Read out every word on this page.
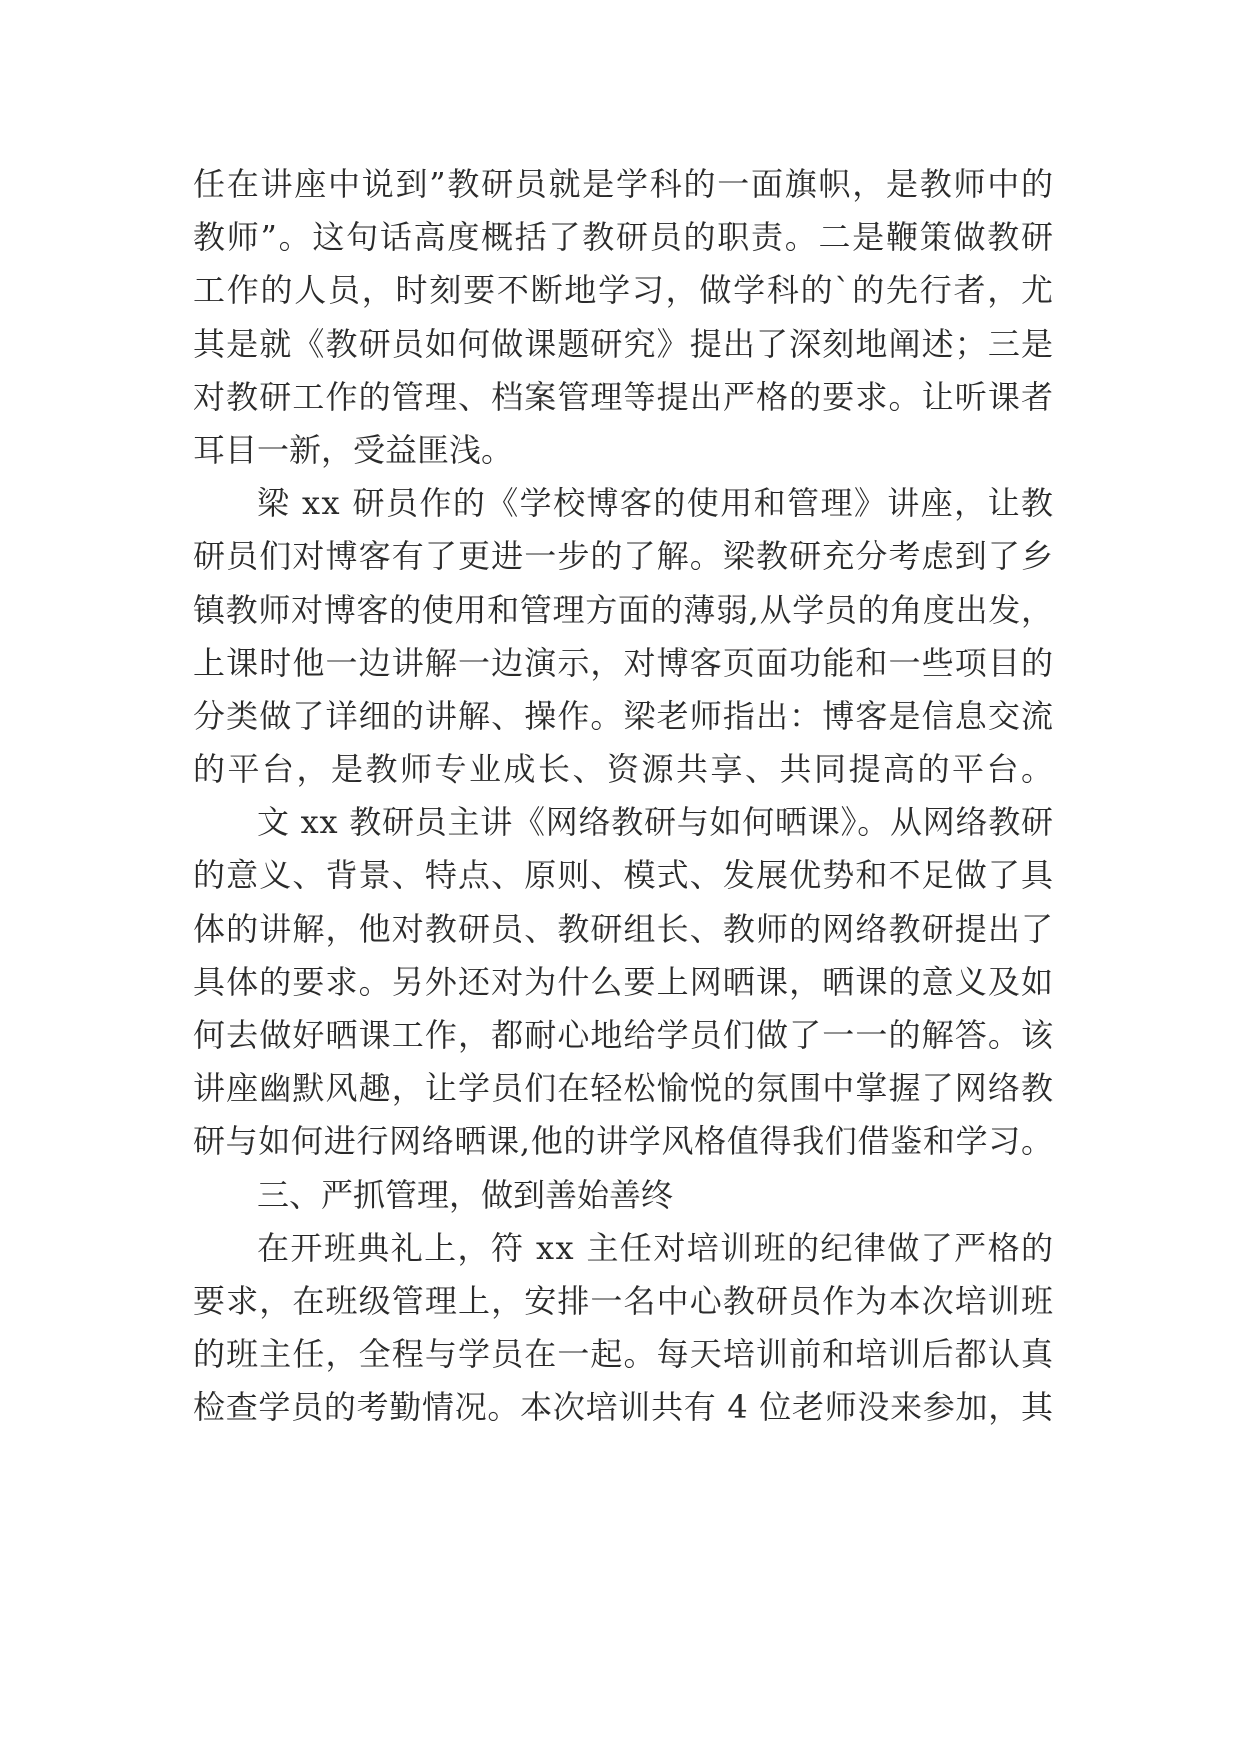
任在讲座中说到”教研员就是学科的一面旗帜，是教师中的
教师”。这句话高度概括了教研员的职责。二是鞭策做教研
工作的人员，时刻要不断地学习，做学科的`的先行者，尤
其是就《教研员如何做课题研究》提出了深刻地阐述；三是
对教研工作的管理、档案管理等提出严格的要求。让听课者
耳目一新，受益匪浅。
梁 xx 研员作的《学校博客的使用和管理》讲座，让教
研员们对博客有了更进一步的了解。梁教研充分考虑到了乡
镇教师对博客的使用和管理方面的薄弱,从学员的角度出发，
上课时他一边讲解一边演示，对博客页面功能和一些项目的
分类做了详细的讲解、操作。梁老师指出：博客是信息交流
的平台，是教师专业成长、资源共享、共同提高的平台。
文 xx 教研员主讲《网络教研与如何晒课》。从网络教研
的意义、背景、特点、原则、模式、发展优势和不足做了具
体的讲解，他对教研员、教研组长、教师的网络教研提出了
具体的要求。另外还对为什么要上网晒课，晒课的意义及如
何去做好晒课工作，都耐心地给学员们做了一一的解答。该
讲座幽默风趣，让学员们在轻松愉悦的氛围中掌握了网络教
研与如何进行网络晒课,他的讲学风格值得我们借鉴和学习。
三、严抓管理，做到善始善终
在开班典礼上，符 xx 主任对培训班的纪律做了严格的
要求，在班级管理上，安排一名中心教研员作为本次培训班
的班主任，全程与学员在一起。每天培训前和培训后都认真
检查学员的考勤情况。本次培训共有 4 位老师没来参加，其
